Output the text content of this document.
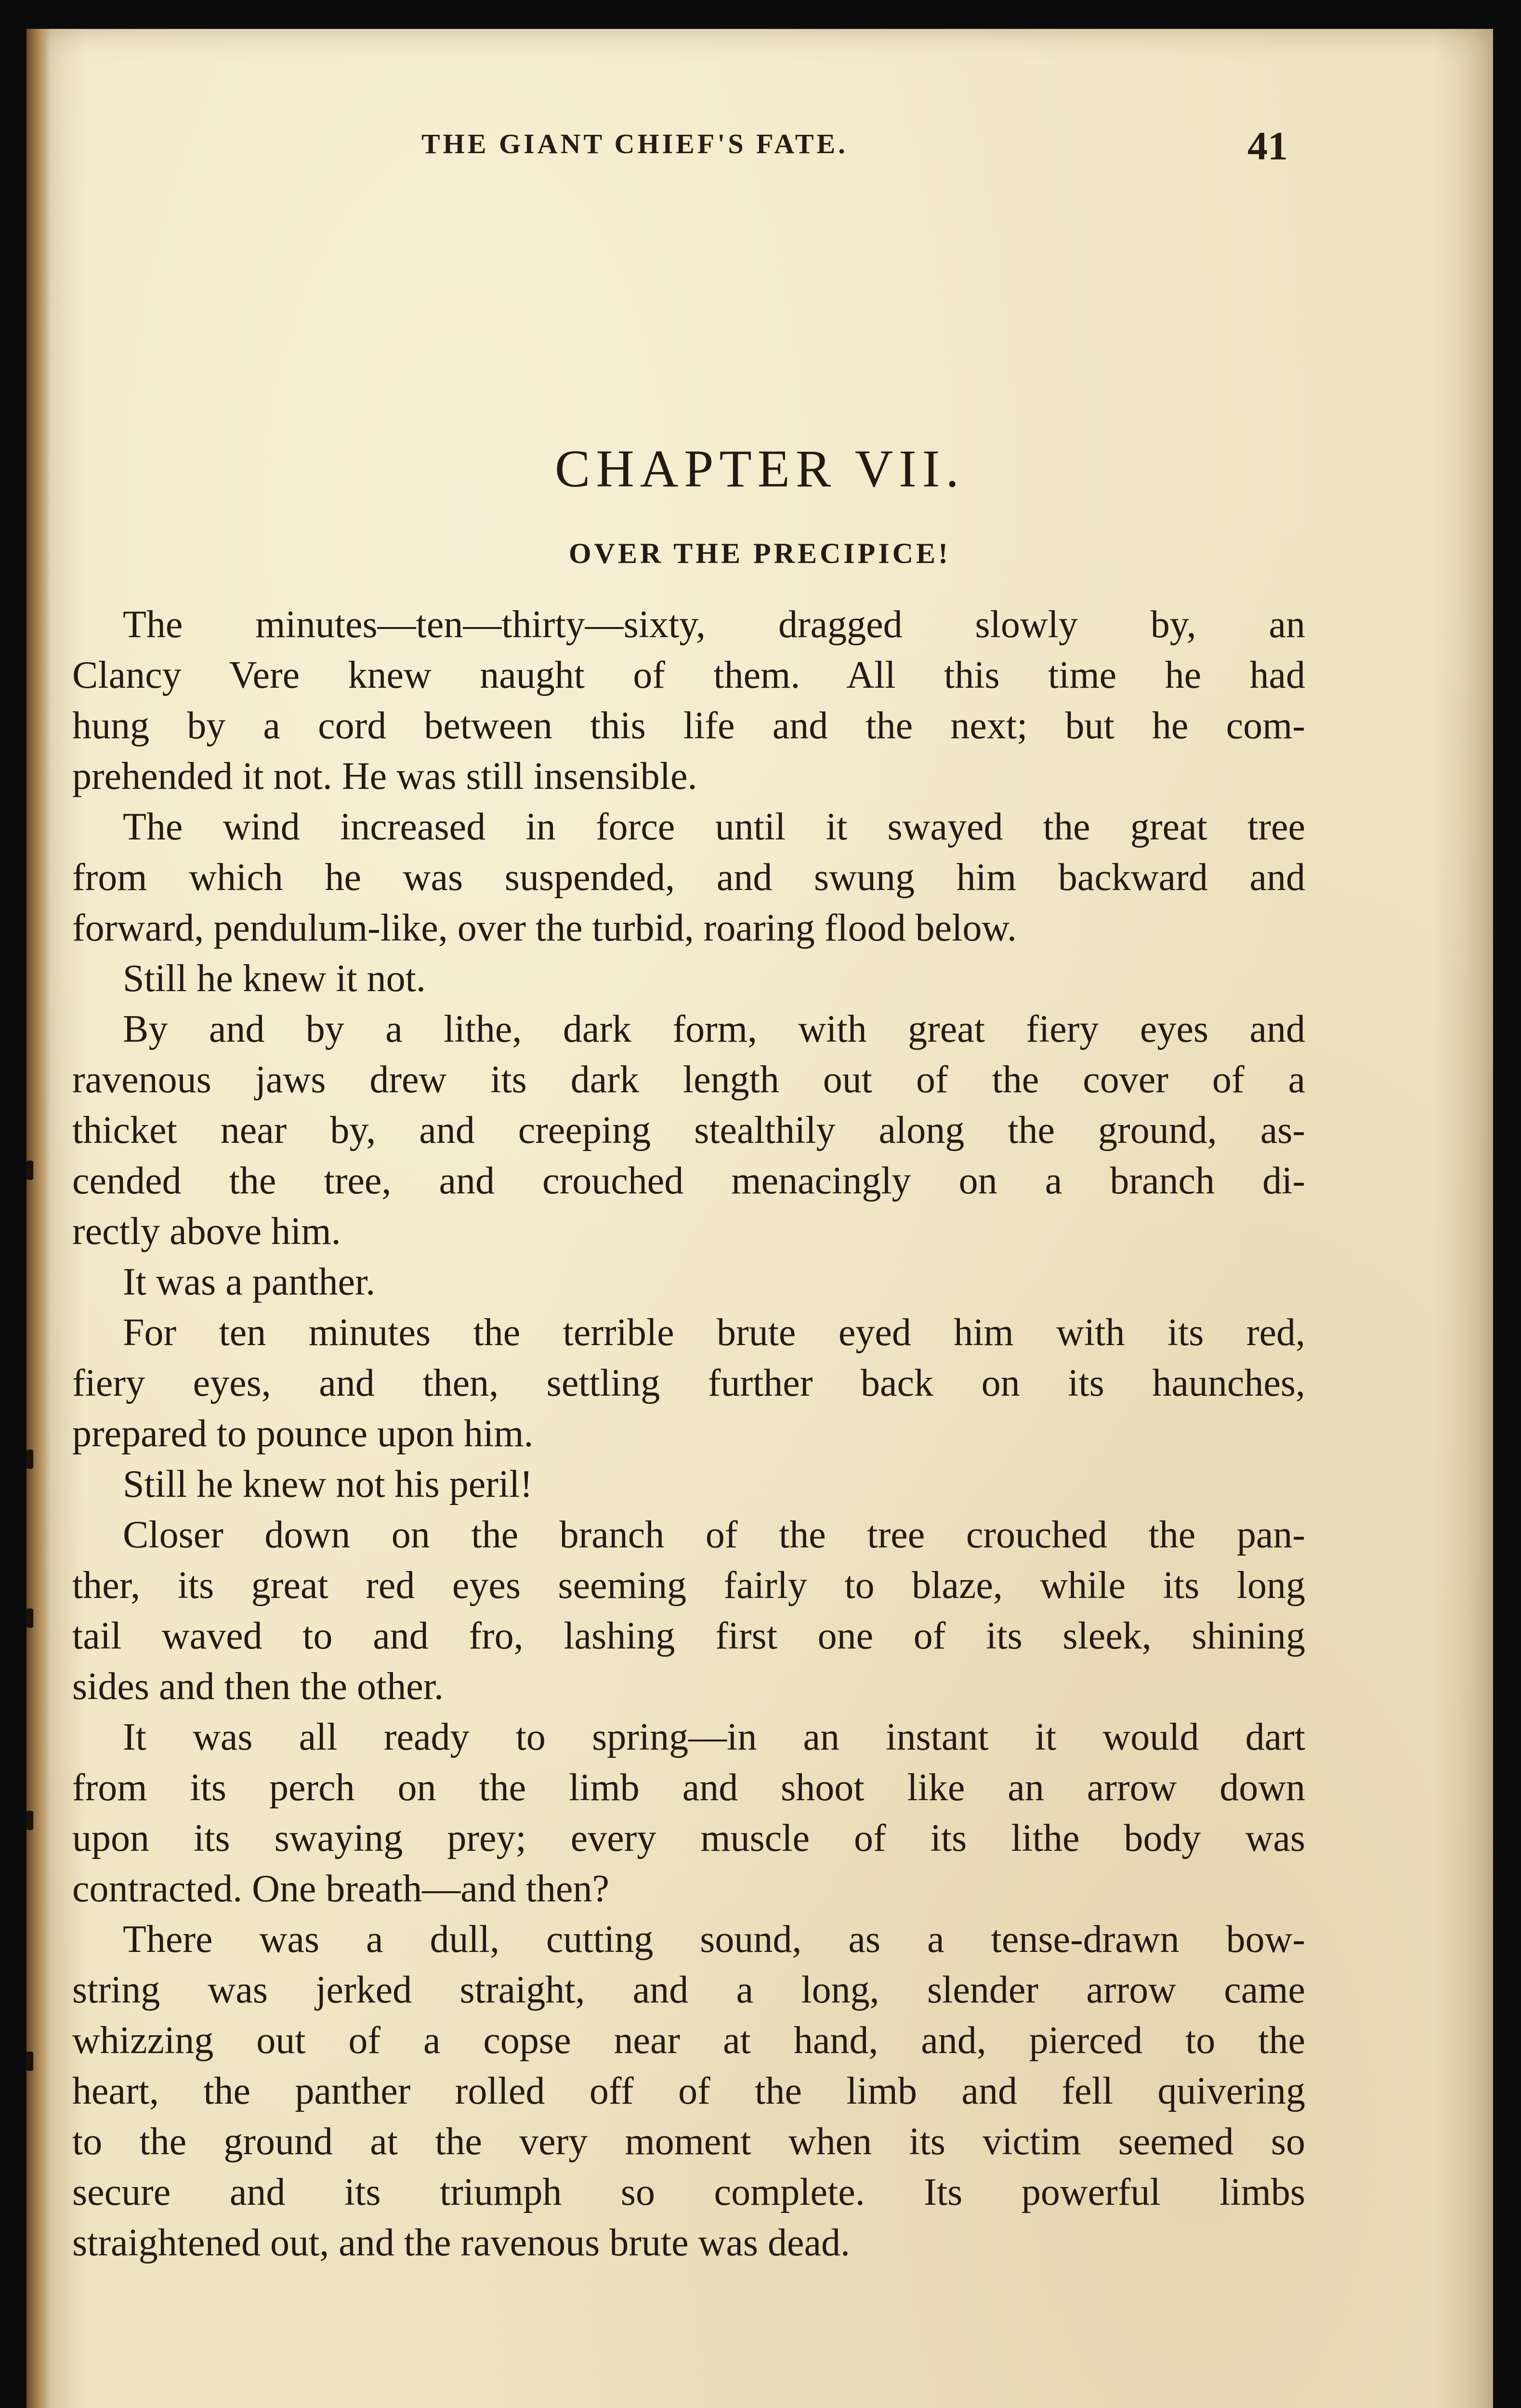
THE GIANT CHIEF'S FATE.	41
CHAPTER VII.
OVER THE PRECIPICE!
The minutes—ten—thirty—sixty, dragged slowly by, an
Clancy Vere knew naught of them. All this time he had
hung by a cord between this life and the next; but he com-
prehended it not. He was still insensible.
The wind increased in force until it swayed the great tree
from which he was suspended, and swung him backward and
forward, pendulum-like, over the turbid, roaring flood below.
Still he knew it not.
By and by a lithe, dark form, with great fiery eyes and
ravenous jaws drew its dark length out of the cover of a
thicket near by, and creeping stealthily along the ground, as-
cended the tree, and crouched menacingly on a branch di-
rectly above him.
It was a panther.
For ten minutes the terrible brute eyed him with its red,
fiery eyes, and then, settling further back on its haunches,
prepared to pounce upon him.
Still he knew not his peril!
Closer down on the branch of the tree crouched the pan-
ther, its great red eyes seeming fairly to blaze, while its long
tail waved to and fro, lashing first one of its sleek, shining
sides and then the other.
It was all ready to spring—in an instant it would dart
from its perch on the limb and shoot like an arrow down
upon its swaying prey; every muscle of its lithe body was
contracted. One breath—and then?
There was a dull, cutting sound, as a tense-drawn bow-
string was jerked straight, and a long, slender arrow came
whizzing out of a copse near at hand, and, pierced to the
heart, the panther rolled off of the limb and fell quivering
to the ground at the very moment when its victim seemed so
secure and its triumph so complete. Its powerful limbs
straightened out, and the ravenous brute was dead.
